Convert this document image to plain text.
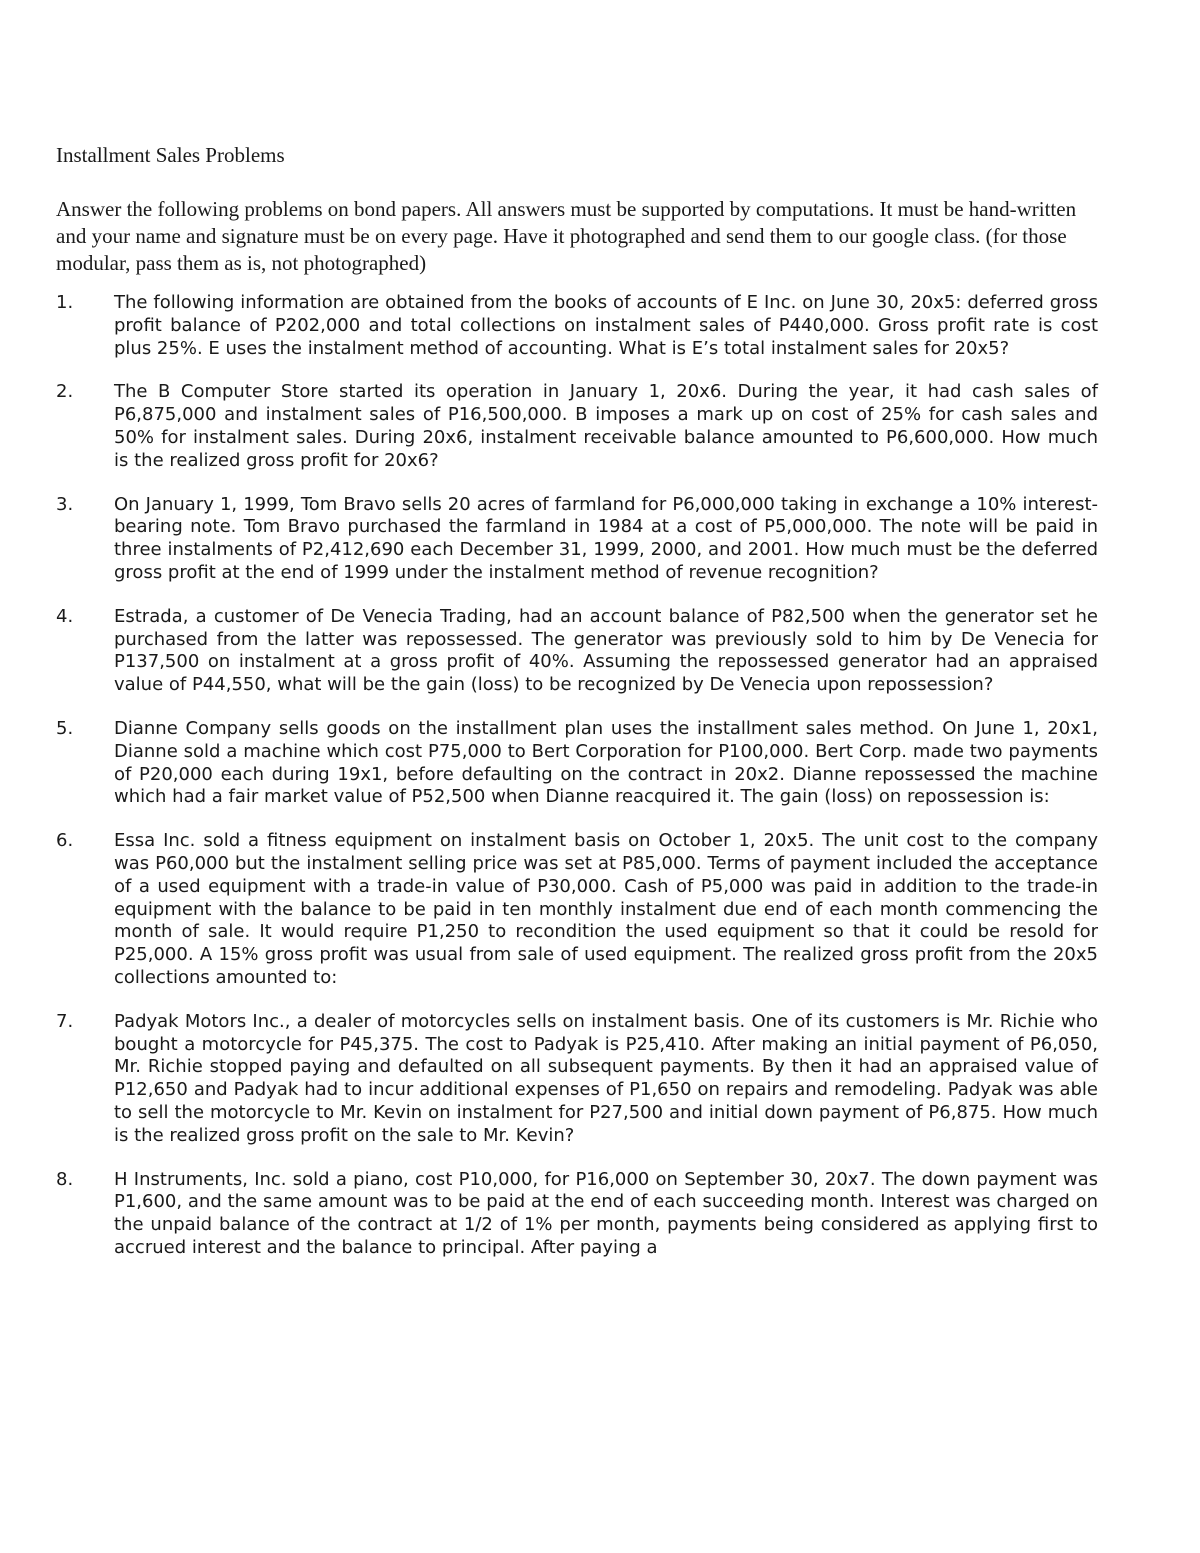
Installment Sales Problems
Answer the following problems on bond papers. All answers must be supported by computations. It must be hand-written and your name and signature must be on every page. Have it photographed and send them to our google class. (for those modular, pass them as is, not photographed)
1. The following information are obtained from the books of accounts of E Inc. on June 30, 20x5: deferred gross profit balance of P202,000 and total collections on instalment sales of P440,000. Gross profit rate is cost plus 25%. E uses the instalment method of accounting. What is E’s total instalment sales for 20x5?
2. The B Computer Store started its operation in January 1, 20x6. During the year, it had cash sales of P6,875,000 and instalment sales of P16,500,000. B imposes a mark up on cost of 25% for cash sales and 50% for instalment sales. During 20x6, instalment receivable balance amounted to P6,600,000. How much is the realized gross profit for 20x6?
3. On January 1, 1999, Tom Bravo sells 20 acres of farmland for P6,000,000 taking in exchange a 10% interest-bearing note. Tom Bravo purchased the farmland in 1984 at a cost of P5,000,000. The note will be paid in three instalments of P2,412,690 each December 31, 1999, 2000, and 2001. How much must be the deferred gross profit at the end of 1999 under the instalment method of revenue recognition?
4. Estrada, a customer of De Venecia Trading, had an account balance of P82,500 when the generator set he purchased from the latter was repossessed. The generator was previously sold to him by De Venecia for P137,500 on instalment at a gross profit of 40%. Assuming the repossessed generator had an appraised value of P44,550, what will be the gain (loss) to be recognized by De Venecia upon repossession?
5. Dianne Company sells goods on the installment plan uses the installment sales method. On June 1, 20x1, Dianne sold a machine which cost P75,000 to Bert Corporation for P100,000. Bert Corp. made two payments of P20,000 each during 19x1, before defaulting on the contract in 20x2. Dianne repossessed the machine which had a fair market value of P52,500 when Dianne reacquired it. The gain (loss) on repossession is:
6. Essa Inc. sold a fitness equipment on instalment basis on October 1, 20x5. The unit cost to the company was P60,000 but the instalment selling price was set at P85,000. Terms of payment included the acceptance of a used equipment with a trade-in value of P30,000. Cash of P5,000 was paid in addition to the trade-in equipment with the balance to be paid in ten monthly instalment due end of each month commencing the month of sale. It would require P1,250 to recondition the used equipment so that it could be resold for P25,000. A 15% gross profit was usual from sale of used equipment. The realized gross profit from the 20x5 collections amounted to:
7. Padyak Motors Inc., a dealer of motorcycles sells on instalment basis. One of its customers is Mr. Richie who bought a motorcycle for P45,375. The cost to Padyak is P25,410. After making an initial payment of P6,050, Mr. Richie stopped paying and defaulted on all subsequent payments. By then it had an appraised value of P12,650 and Padyak had to incur additional expenses of P1,650 on repairs and remodeling. Padyak was able to sell the motorcycle to Mr. Kevin on instalment for P27,500 and initial down payment of P6,875. How much is the realized gross profit on the sale to Mr. Kevin?
8. H Instruments, Inc. sold a piano, cost P10,000, for P16,000 on September 30, 20x7. The down payment was P1,600, and the same amount was to be paid at the end of each succeeding month. Interest was charged on the unpaid balance of the contract at 1/2 of 1% per month, payments being considered as applying first to accrued interest and the balance to principal. After paying a
